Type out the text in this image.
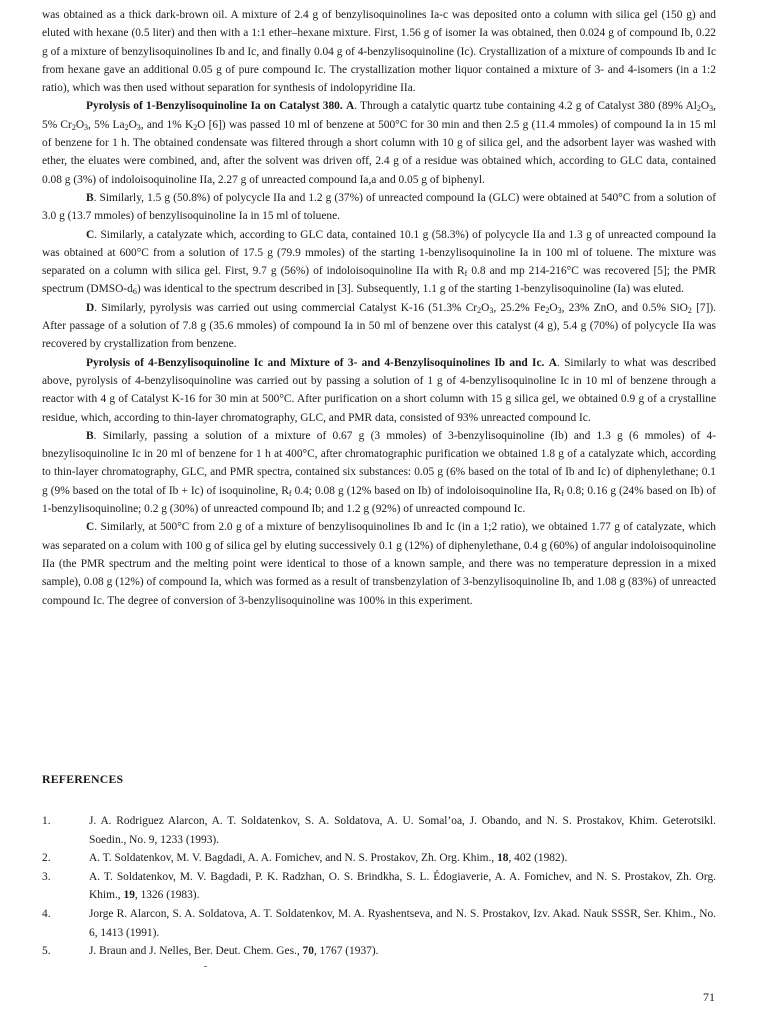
was obtained as a thick dark-brown oil. A mixture of 2.4 g of benzylisoquinolines Ia-c was deposited onto a column with silica gel (150 g) and eluted with hexane (0.5 liter) and then with a 1:1 ether–hexane mixture. First, 1.56 g of isomer Ia was obtained, then 0.024 g of compound Ib, 0.22 g of a mixture of benzylisoquinolines Ib and Ic, and finally 0.04 g of 4-benzylisoquinoline (Ic). Crystallization of a mixture of compounds Ib and Ic from hexane gave an additional 0.05 g of pure compound Ic. The crystallization mother liquor contained a mixture of 3- and 4-isomers (in a 1:2 ratio), which was then used without separation for synthesis of indolopyridine IIa.

Pyrolysis of 1-Benzylisoquinoline Ia on Catalyst 380. A. Through a catalytic quartz tube containing 4.2 g of Catalyst 380 (89% $Al_2O_3$, 5% $Cr_2O_3$, 5% $La_2O_3$, and 1% $K_2O$ [6]) was passed 10 ml of benzene at 500°C for 30 min and then 2.5 g (11.4 mmoles) of compound Ia in 15 ml of benzene for 1 h. The obtained condensate was filtered through a short column with 10 g of silica gel, and the adsorbent layer was washed with ether, the eluates were combined, and, after the solvent was driven off, 2.4 g of a residue was obtained which, according to GLC data, contained 0.08 g (3%) of indoloisoquinoline IIa, 2.27 g of unreacted compound Ia,a and 0.05 g of biphenyl.

B. Similarly, 1.5 g (50.8%) of polycycle IIa and 1.2 g (37%) of unreacted compound Ia (GLC) were obtained at 540°C from a solution of 3.0 g (13.7 mmoles) of benzylisoquinoline Ia in 15 ml of toluene.

C. Similarly, a catalyzate which, according to GLC data, contained 10.1 g (58.3%) of polycycle IIa and 1.3 g of unreacted compound Ia was obtained at 600°C from a solution of 17.5 g (79.9 mmoles) of the starting 1-benzylisoquinoline Ia in 100 ml of toluene. The mixture was separated on a column with silica gel. First, 9.7 g (56%) of indoloisoquinoline IIa with $R_f$ 0.8 and mp 214-216°C was recovered [5]; the PMR spectrum $(DMSO-d_6)$ was identical to the spectrum described in [3]. Subsequently, 1.1 g of the starting 1-benzylisoquinoline (Ia) was eluted.

D. Similarly, pyrolysis was carried out using commercial Catalyst K-16 (51.3% $Cr_2O_3$, 25.2% $Fe_2O_3$, 23% ZnO, and 0.5% SiO$_2$ [7]). After passage of a solution of 7.8 g (35.6 mmoles) of compound Ia in 50 ml of benzene over this catalyst (4 g), 5.4 g (70%) of polycycle IIa was recovered by crystallization from benzene.

Pyrolysis of 4-Benzylisoquinoline Ic and Mixture of 3- and 4-Benzylisoquinolines Ib and Ic. A. Similarly to what was described above, pyrolysis of 4-benzylisoquinoline was carried out by passing a solution of 1 g of 4-benzylisoquinoline Ic in 10 ml of benzene through a reactor with 4 g of Catalyst K-16 for 30 min at 500°C. After purification on a short column with 15 g silica gel, we obtained 0.9 g of a crystalline residue, which, according to thin-layer chromatography, GLC, and PMR data, consisted of 93% unreacted compound Ic.

B. Similarly, passing a solution of a mixture of 0.67 g (3 mmoles) of 3-benzylisoquinoline (Ib) and 1.3 g (6 mmoles) of 4-bnezylisoquinoline Ic in 20 ml of benzene for 1 h at 400°C, after chromatographic purification we obtained 1.8 g of a catalyzate which, according to thin-layer chromatography, GLC, and PMR spectra, contained six substances: 0.05 g (6% based on the total of Ib and Ic) of diphenylethane; 0.1 g (9% based on the total of Ib + Ic) of isoquinoline, $R_f$ 0.4; 0.08 g (12% based on Ib) of indoloisoquinoline IIa, $R_f$ 0.8; 0.16 g (24% based on Ib) of 1-benzylisoquinoline; 0.2 g (30%) of unreacted compound Ib; and 1.2 g (92%) of unreacted compound Ic.

C. Similarly, at 500°C from 2.0 g of a mixture of benzylisoquinolines Ib and Ic (in a 1;2 ratio), we obtained 1.77 g of catalyzate, which was separated on a colum with 100 g of silica gel by eluting successively 0.1 g (12%) of diphenylethane, 0.4 g (60%) of angular indoloisoquinoline IIa (the PMR spectrum and the melting point were identical to those of a known sample, and there was no temperature depression in a mixed sample), 0.08 g (12%) of compound Ia, which was formed as a result of transbenzylation of 3-benzylisoquinoline Ib, and 1.08 g (83%) of unreacted compound Ic. The degree of conversion of 3-benzylisoquinoline was 100% in this experiment.

REFERENCES
1.	J. A. Rodriguez Alarcon, A. T. Soldatenkov, S. A. Soldatova, A. U. Somal’oa, J. Obando, and N. S. Prostakov, Khim. Geterotsikl. Soedin., No. 9, 1233 (1993).
2.	A. T. Soldatenkov, M. V. Bagdadi, A. A. Fomichev, and N. S. Prostakov, Zh. Org. Khim., 18, 402 (1982).
3.	A. T. Soldatenkov, M. V. Bagdadi, P. K. Radzhan, O. S. Brindkha, S. L. Édogiaverie, A. A. Fomichev, and N. S. Prostakov, Zh. Org. Khim., 19, 1326 (1983).
4.	Jorge R. Alarcon, S. A. Soldatova, A. T. Soldatenkov, M. A. Ryashentseva, and N. S. Prostakov, Izv. Akad. Nauk SSSR, Ser. Khim., No. 6, 1413 (1991).
5.	J. Braun and J. Nelles, Ber. Deut. Chem. Ges., 70, 1767 (1937).
71
